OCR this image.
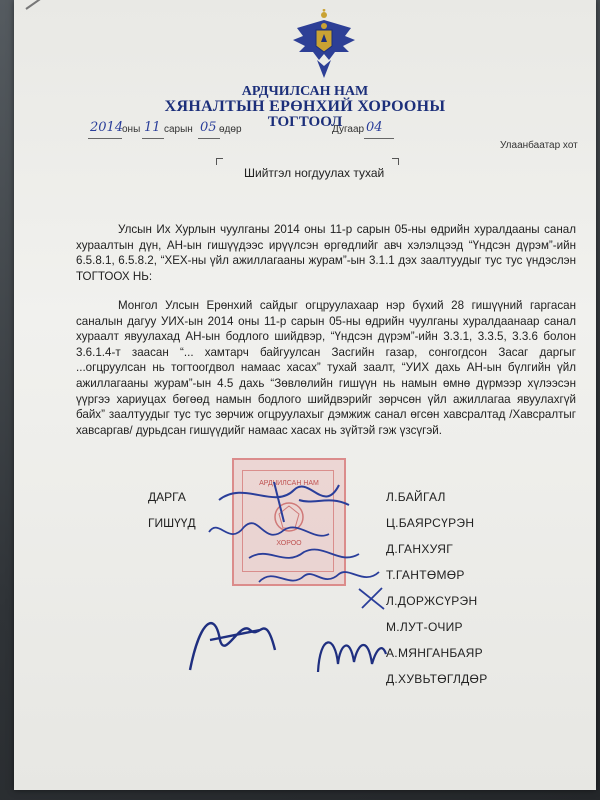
АРДЧИЛСАН НАМ
ХЯНАЛТЫН ЕРӨНХИЙ ХОРООНЫ
ТОГТООЛ
2014
оны 11 сарын 05 өдөр	Дугаар 04
Улаанбаатар хот
Шийтгэл ногдуулах тухай

Улсын Их Хурлын чуулганы 2014 оны 11-р сарын 05-ны өдрийн хуралдааны санал хураалтын дүн, АН-ын гишүүдээс ирүүлсэн өргөдлийг авч хэлэлцээд “Үндсэн дүрэм”-ийн 6.5.8.1, 6.5.8.2, “ХЕХ-ны үйл ажиллагааны журам”-ын 3.1.1 дэх заалтуудыг тус тус үндэслэн ТОГТООХ НЬ:

Монгол Улсын Ерөнхий сайдыг огцруулахаар нэр бүхий 28 гишүүний гаргасан саналын дагуу УИХ-ын 2014 оны 11-р сарын 05-ны өдрийн чуулганы хуралдаанаар санал хураалт явуулахад АН-ын бодлого шийдвэр, “Үндсэн дүрэм”-ийн 3.3.1, 3.3.5, 3.3.6 болон 3.6.1.4-т заасан “... хамтарч байгуулсан Засгийн газар, сонгогдсон Засаг даргыг ...огцруулсан нь тогтоогдвол намаас хасах” тухай заалт, “УИХ дахь АН-ын бүлгийн үйл ажиллагааны журам”-ын 4.5 дахь “Зөвлөлийн гишүүн нь намын өмнө дүрмээр хүлээсэн үүргээ хариуцах бөгөөд намын бодлого шийдвэрийг зөрчсөн үйл ажиллагаа явуулахгүй байх” заалтуудыг тус тус зөрчиж огцруулахыг дэмжиж санал өгсөн хавсралтад /Хавсралтыг хавсаргав/ дурьдсан гишүүдийг намаас хасах нь зүйтэй гэж үзсүгэй.

АРДЧИЛСАН НАМ
ХОРОО
ДАРГА
ГИШҮҮД
Л.БАЙГАЛ
Ц.БАЯРСҮРЭН
Д.ГАНХУЯГ
Т.ГАНТӨМӨР
Л.ДОРЖСҮРЭН
М.ЛУТ-ОЧИР
А.МЯНГАНБАЯР
Д.ХУВЬТӨГЛДӨР
